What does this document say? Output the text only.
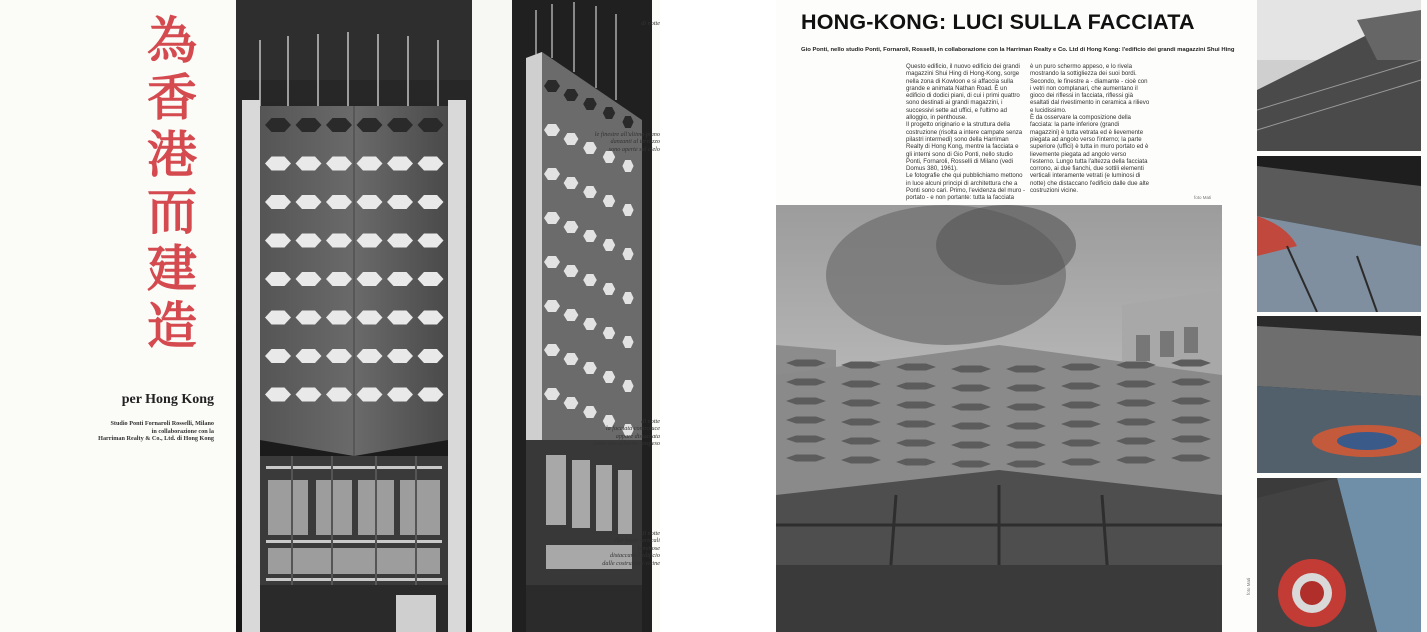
為
香
港
而
建
造
per Hong Kong
Studio Ponti Fornaroli Rosselli, Milano
in collaborazione con la
Harriman Realty & Co., Ltd. di Hong Kong
di notte
le finestre all'ultimo piano
danzanti al terrazzo
sono aperte sul cielo
di notte
la facciata controluce
appare distaccata
come uno schermo sospeso
di notte
due fasce verticali
luminose
distaccano l'edificio
dalle costruzioni vicine
HONG-KONG: LUCI SULLA FACCIATA
Gio Ponti, nello studio Ponti, Fornaroli, Rosselli, in collaborazione con la Harriman Realty e Co. Ltd di Hong Kong: l'edificio dei grandi magazzini Shui Hing

Questo edificio, il nuovo edificio dei grandi magazzini Shui Hing di Hong-Kong, sorge nella zona di Kowloon e si affaccia sulla grande e animata Nathan Road. È un edificio di dodici piani, di cui i primi quattro sono destinati ai grandi magazzini, i successivi sette ad uffici, e l'ultimo ad alloggio, in penthouse.

Il progetto originario e la struttura della costruzione (risolta a intere campate senza pilastri intermedi) sono della Harriman Realty di Hong Kong, mentre la facciata e gli interni sono di Gio Ponti, nello studio Ponti, Fornaroli, Rosselli di Milano (vedi Domus 380, 1961).

Le fotografie che qui pubblichiamo mettono in luce alcuni principi di architettura che a Ponti sono cari. Primo, l'evidenza del muro - portato - e non portante: tutta la facciata

è un puro schermo appeso, e lo rivela mostrando la sottigliezza dei suoi bordi.

Secondo, le finestre a - diamante - cioè con i vetri non complanari, che aumentano il gioco dei riflessi in facciata, riflessi già esaltati dal rivestimento in ceramica a rilievo e lucidissimo.

È da osservare la composizione della facciata: la parte inferiore (grandi magazzini) è tutta vetrata ed è lievemente piegata ad angolo verso l'interno; la parte superiore (uffici) è tutta in muro portato ed è lievemente piegata ad angolo verso l'esterno. Lungo tutta l'altezza della facciata corrono, ai due fianchi, due sottili elementi verticali interamente vetrati (e luminosi di notte) che distaccano l'edificio dalle due alte costruzioni vicine.

foto Mati
foto Mati
